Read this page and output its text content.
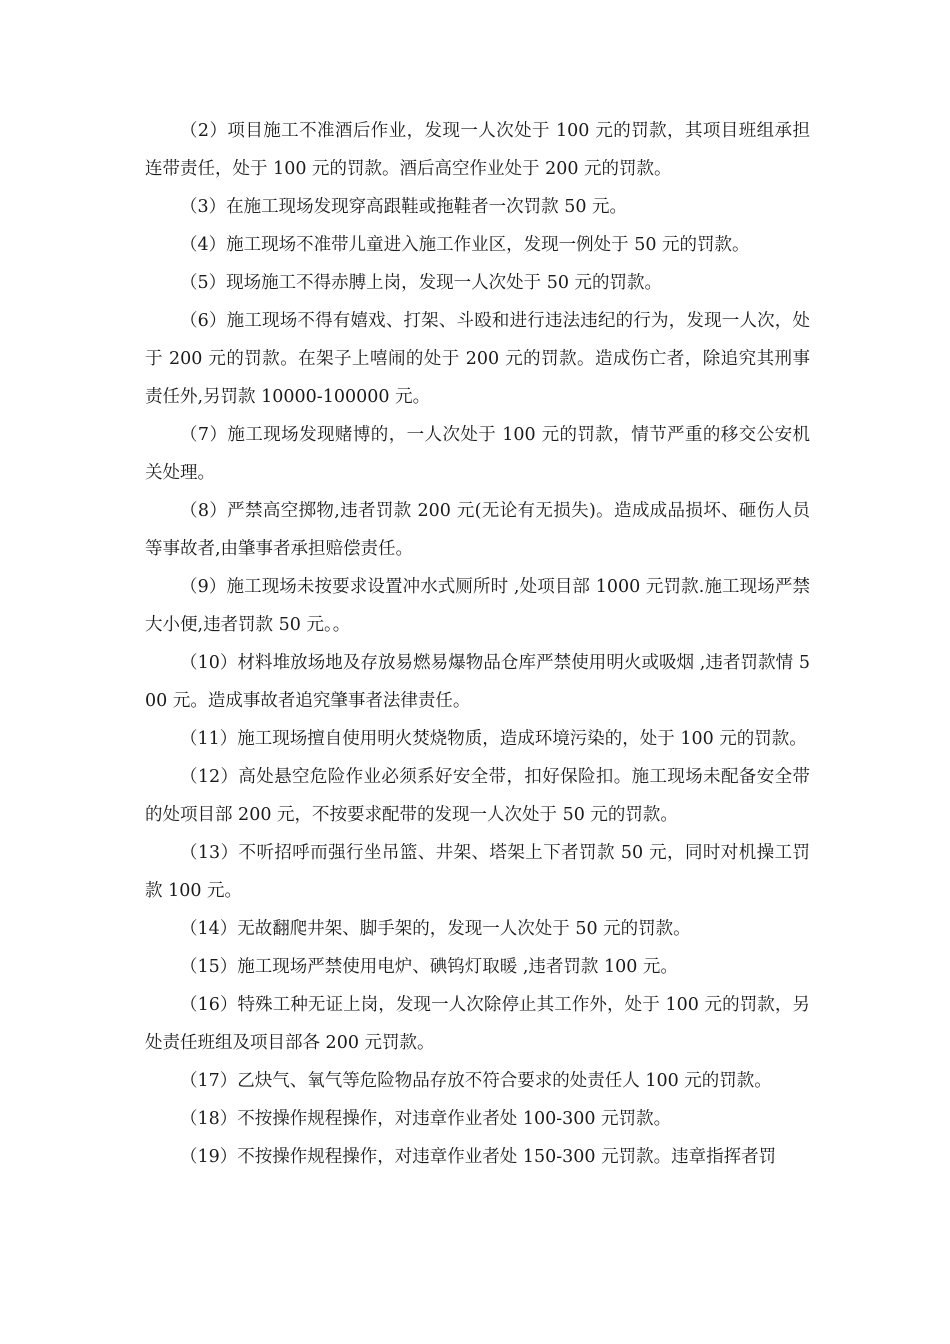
（2）项目施工不准酒后作业，发现一人次处于 100 元的罚款，其项目班组承担连带责任，处于 100 元的罚款。酒后高空作业处于 200 元的罚款。

（3）在施工现场发现穿高跟鞋或拖鞋者一次罚款 50 元。

（4）施工现场不准带儿童进入施工作业区，发现一例处于 50 元的罚款。

（5）现场施工不得赤膊上岗，发现一人次处于 50 元的罚款。

（6）施工现场不得有嬉戏、打架、斗殴和进行违法违纪的行为，发现一人次，处于 200 元的罚款。在架子上嘻闹的处于 200 元的罚款。造成伤亡者，除追究其刑事责任外,另罚款 10000-100000 元。

（7）施工现场发现赌博的，一人次处于 100 元的罚款，情节严重的移交公安机关处理。

（8）严禁高空掷物,违者罚款 200 元(无论有无损失)。造成成品损坏、砸伤人员等事故者,由肇事者承担赔偿责任。

（9）施工现场未按要求设置冲水式厕所时 ,处项目部 1000 元罚款.施工现场严禁大小便,违者罚款 50 元。。

（10）材料堆放场地及存放易燃易爆物品仓库严禁使用明火或吸烟 ,违者罚款情 500 元。造成事故者追究肇事者法律责任。

（11）施工现场擅自使用明火焚烧物质，造成环境污染的，处于 100 元的罚款。

（12）高处悬空危险作业必须系好安全带，扣好保险扣。施工现场未配备安全带的处项目部 200 元，不按要求配带的发现一人次处于 50 元的罚款。

（13）不听招呼而强行坐吊篮、井架、塔架上下者罚款 50 元，同时对机操工罚款 100 元。

（14）无故翻爬井架、脚手架的，发现一人次处于 50 元的罚款。

（15）施工现场严禁使用电炉、碘钨灯取暖 ,违者罚款 100 元。

（16）特殊工种无证上岗，发现一人次除停止其工作外，处于 100 元的罚款，另处责任班组及项目部各 200 元罚款。

（17）乙炔气、氧气等危险物品存放不符合要求的处责任人 100 元的罚款。

（18）不按操作规程操作，对违章作业者处 100-300 元罚款。

（19）不按操作规程操作，对违章作业者处 150-300 元罚款。违章指挥者罚
